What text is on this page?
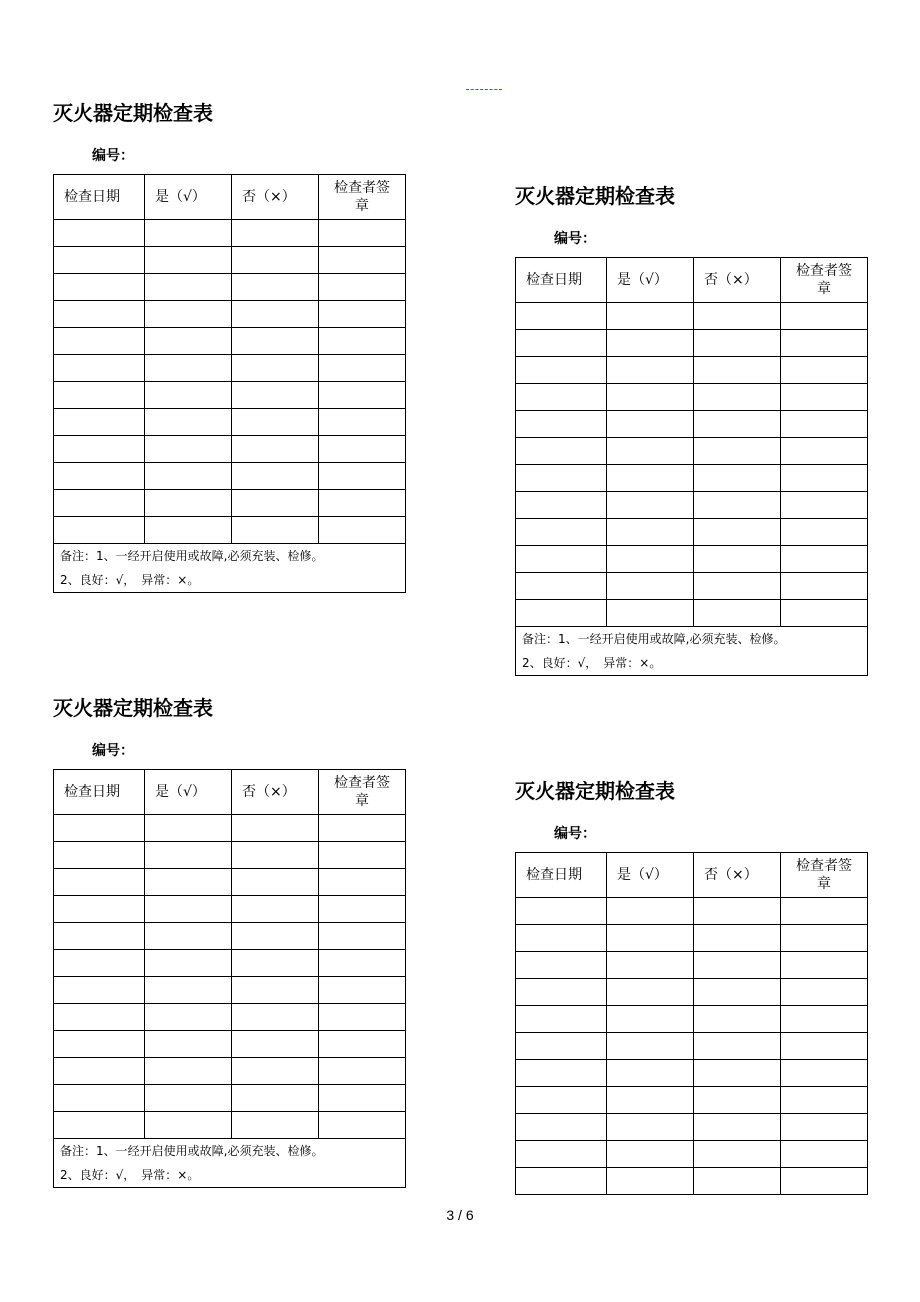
灭火器定期检查表
编号：
检查日期	是（√）	否（×）	检查者签章

备注：1、一经开启使用或故障,必须充装、检修。
2、良好：√，　异常：×。			
灭火器定期检查表
编号：
检查日期	是（√）	否（×）	检查者签章

备注：1、一经开启使用或故障,必须充装、检修。
2、良好：√，　异常：×。			
灭火器定期检查表
编号：
检查日期	是（√）	否（×）	检查者签章

备注：1、一经开启使用或故障,必须充装、检修。
2、良好：√，　异常：×。			
灭火器定期检查表
编号：
检查日期	是（√）	否（×）	检查者签章

3 / 6
